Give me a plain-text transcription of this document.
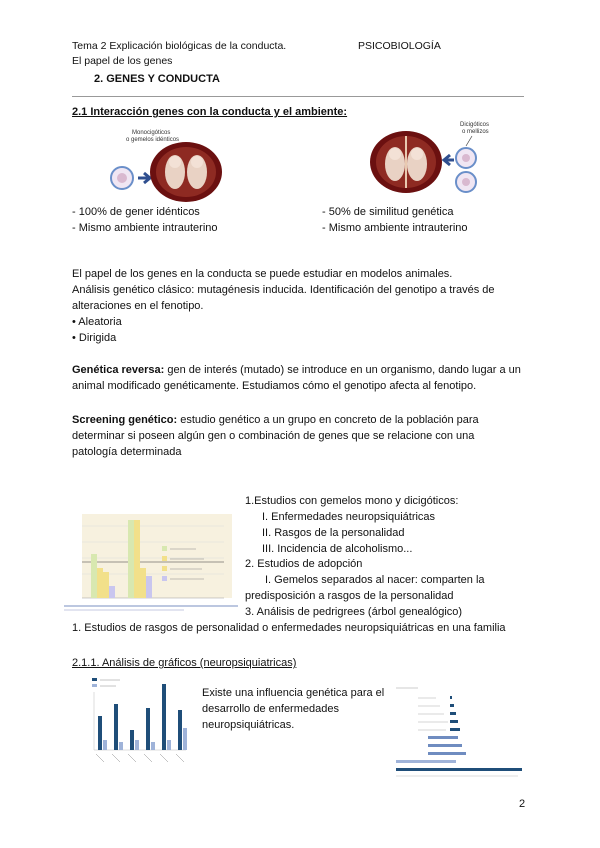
Tema 2 Explicación biológicas de la conducta.	PSICOBIOLOGÍA
El papel de los genes
2. GENES Y CONDUCTA
2.1 Interacción genes con la conducta y el ambiente:
Monocigóticos
o gemelos idénticos
Dicigóticos
o mellizos
- 100% de gener idénticos
- Mismo ambiente intrauterino
- 50% de similitud genética
- Mismo ambiente intrauterino
El papel de los genes en la conducta se puede estudiar en modelos animales.
Análisis genético clásico: mutagénesis inducida. Identificación del genotipo a través de
alteraciones en el fenotipo.
• Aleatoria
• Dirigida
Genética reversa: gen de interés (mutado) se introduce en un organismo, dando lugar a un
animal modificado genéticamente. Estudiamos cómo el genotipo afecta al fenotipo.
Screening genético: estudio genético a un grupo en concreto de la población para
determinar si poseen algún gen o combinación de genes que se relacione con una
patología determinada
1.Estudios con gemelos mono y dicigóticos:
I. Enfermedades neuropsiquiátricas
II. Rasgos de la personalidad
III. Incidencia de alcoholismo...
2. Estudios de adopción
I. Gemelos separados al nacer: comparten la
predisposición a rasgos de la personalidad
3. Análisis de pedrigrees (árbol genealógico)
1. Estudios de rasgos de personalidad o enfermedades neuropsiquiátricas en una familia
2.1.1. Análisis de gráficos (neuropsiquiatricas)
Existe una influencia genética para el
desarrollo de enfermedades
neuropsiquiátricas.
2
